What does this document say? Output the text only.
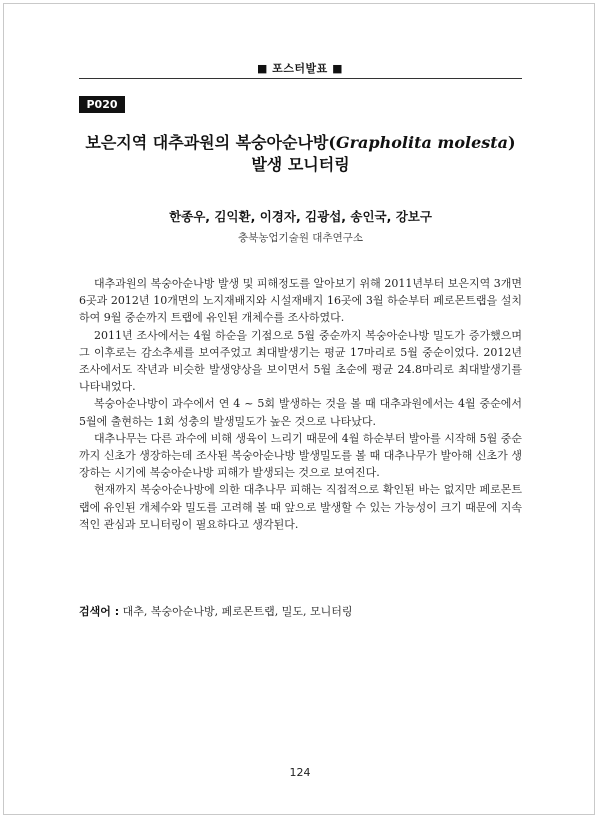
■ 포스터발표 ■
P020
보은지역 대추과원의 복숭아순나방(Grapholita molesta)
발생 모니터링
한종우, 김익환, 이경자, 김광섭, 송인국, 강보구
충북농업기술원 대추연구소

대추과원의 복숭아순나방 발생 및 피해정도를 알아보기 위해 2011년부터 보은지역 3개면 6곳과 2012년 10개면의 노지재배지와 시설재배지 16곳에 3월 하순부터 페로몬트랩을 설치하여 9월 중순까지 트랩에 유인된 개체수를 조사하였다.

2011년 조사에서는 4월 하순을 기점으로 5월 중순까지 복숭아순나방 밀도가 증가했으며 그 이후로는 감소추세를 보여주었고 최대발생기는 평균 17마리로 5월 중순이었다. 2012년 조사에서도 작년과 비슷한 발생양상을 보이면서 5월 초순에 평균 24.8마리로 최대발생기를 나타내었다.

복숭아순나방이 과수에서 연 4 ~ 5회 발생하는 것을 볼 때 대추과원에서는 4월 중순에서 5월에 출현하는 1회 성충의 발생밀도가 높은 것으로 나타났다.

대추나무는 다른 과수에 비해 생육이 느리기 때문에 4월 하순부터 발아를 시작해 5월 중순까지 신초가 생장하는데 조사된 복숭아순나방 발생밀도를 볼 때 대추나무가 발아해 신초가 생장하는 시기에 복숭아순나방 피해가 발생되는 것으로 보여진다.

현재까지 복숭아순나방에 의한 대추나무 피해는 직접적으로 확인된 바는 없지만 페로몬트랩에 유인된 개체수와 밀도를 고려해 볼 때 앞으로 발생할 수 있는 가능성이 크기 때문에 지속적인 관심과 모니터링이 필요하다고 생각된다.

검색어 : 대추, 복숭아순나방, 페로몬트랩, 밀도, 모니터링
124
